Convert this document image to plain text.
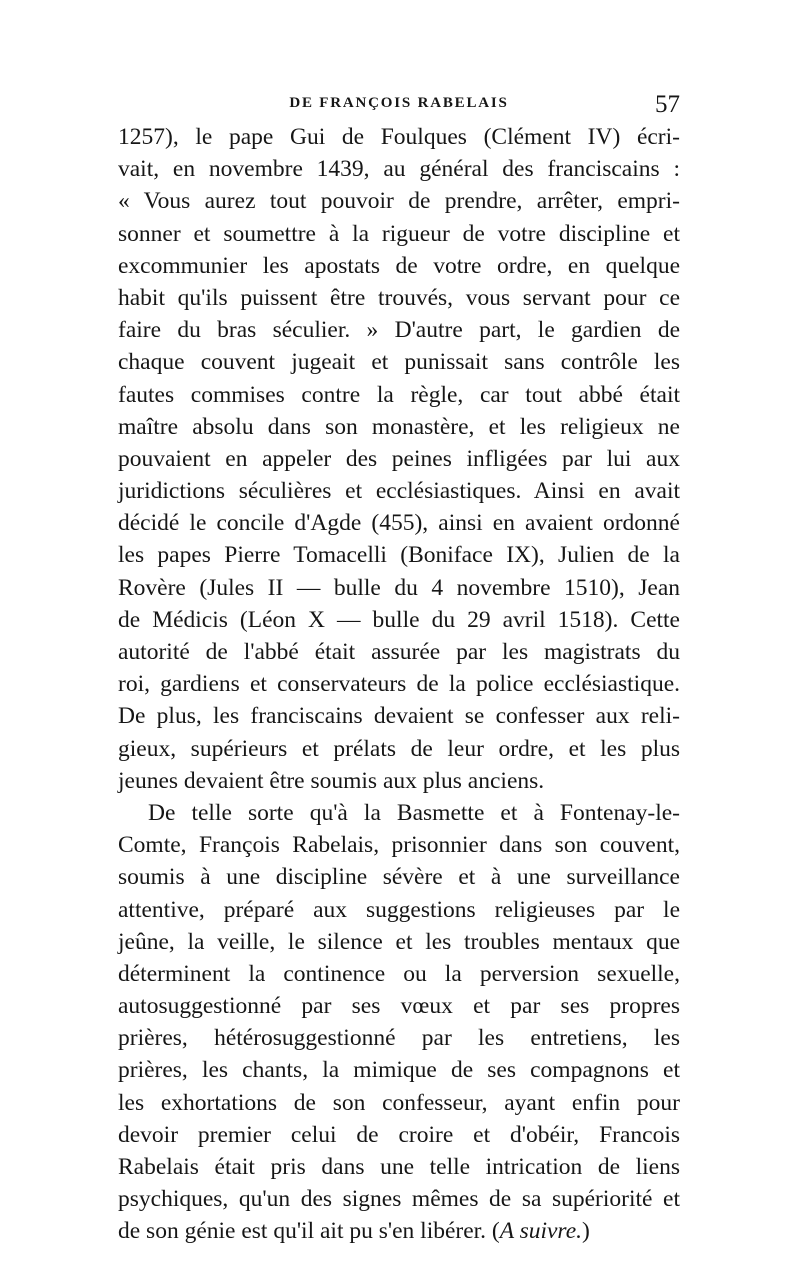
DE FRANÇOIS RABELAIS	57
1257), le pape Gui de Foulques (Clément IV) écri-
vait, en novembre 1439, au général des franciscains :
« Vous aurez tout pouvoir de prendre, arrêter, empri-
sonner et soumettre à la rigueur de votre discipline et
excommunier les apostats de votre ordre, en quelque
habit qu'ils puissent être trouvés, vous servant pour ce
faire du bras séculier. » D'autre part, le gardien de
chaque couvent jugeait et punissait sans contrôle les
fautes commises contre la règle, car tout abbé était
maître absolu dans son monastère, et les religieux ne
pouvaient en appeler des peines infligées par lui aux
juridictions séculières et ecclésiastiques. Ainsi en avait
décidé le concile d'Agde (455), ainsi en avaient ordonné
les papes Pierre Tomacelli (Boniface IX), Julien de la
Rovère (Jules II — bulle du 4 novembre 1510), Jean
de Médicis (Léon X — bulle du 29 avril 1518). Cette
autorité de l'abbé était assurée par les magistrats du
roi, gardiens et conservateurs de la police ecclésiastique.
De plus, les franciscains devaient se confesser aux reli-
gieux, supérieurs et prélats de leur ordre, et les plus
jeunes devaient être soumis aux plus anciens.
De telle sorte qu'à la Basmette et à Fontenay-le-
Comte, François Rabelais, prisonnier dans son couvent,
soumis à une discipline sévère et à une surveillance
attentive, préparé aux suggestions religieuses par le
jeûne, la veille, le silence et les troubles mentaux que
déterminent la continence ou la perversion sexuelle,
autosuggestionné par ses vœux et par ses propres
prières, hétérosuggestionné par les entretiens, les
prières, les chants, la mimique de ses compagnons et
les exhortations de son confesseur, ayant enfin pour
devoir premier celui de croire et d'obéir, Francois
Rabelais était pris dans une telle intrication de liens
psychiques, qu'un des signes mêmes de sa supériorité et
de son génie est qu'il ait pu s'en libérer. (A suivre.)
